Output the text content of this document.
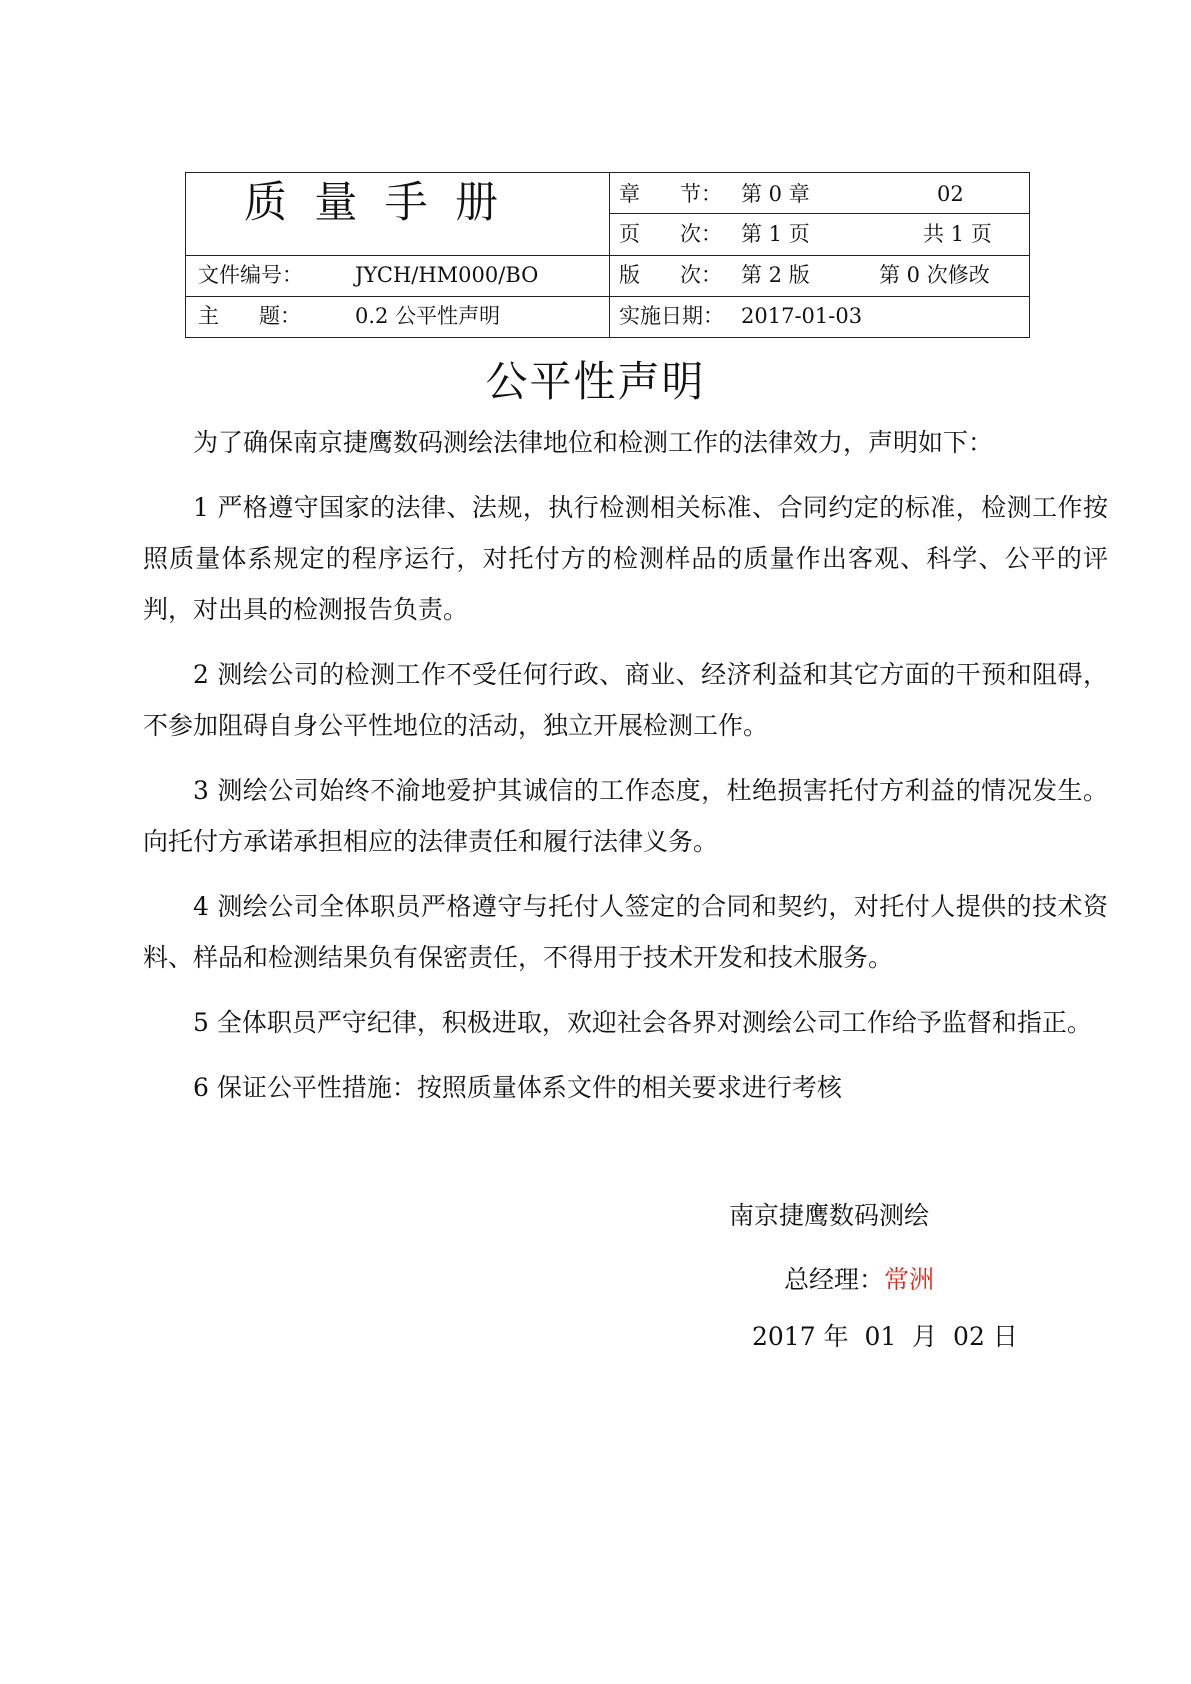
质  量  手  册	章      节： 第 0 章	02
页      次： 第 1 页	共 1 页
文件编号： JYCH/HM000/BO	版      次： 第 2 版	第 0 次修改
主      题：	0.2 公平性声明	实施日期： 2017-01-03
公平性声明

为了确保南京捷鹰数码测绘法律地位和检测工作的法律效力，声明如下：

1 严格遵守国家的法律、法规，执行检测相关标准、合同约定的标准，检测工作按照质量体系规定的程序运行，对托付方的检测样品的质量作出客观、科学、公平的评判，对出具的检测报告负责。

2 测绘公司的检测工作不受任何行政、商业、经济利益和其它方面的干预和阻碍，不参加阻碍自身公平性地位的活动，独立开展检测工作。

3 测绘公司始终不渝地爱护其诚信的工作态度，杜绝损害托付方利益的情况发生。向托付方承诺承担相应的法律责任和履行法律义务。

4 测绘公司全体职员严格遵守与托付人签定的合同和契约，对托付人提供的技术资料、样品和检测结果负有保密责任，不得用于技术开发和技术服务。

5 全体职员严守纪律，积极进取，欢迎社会各界对测绘公司工作给予监督和指正。

6 保证公平性措施：按照质量体系文件的相关要求进行考核

南京捷鹰数码测绘
总经理：常洲
2017 年  01  月  02 日
